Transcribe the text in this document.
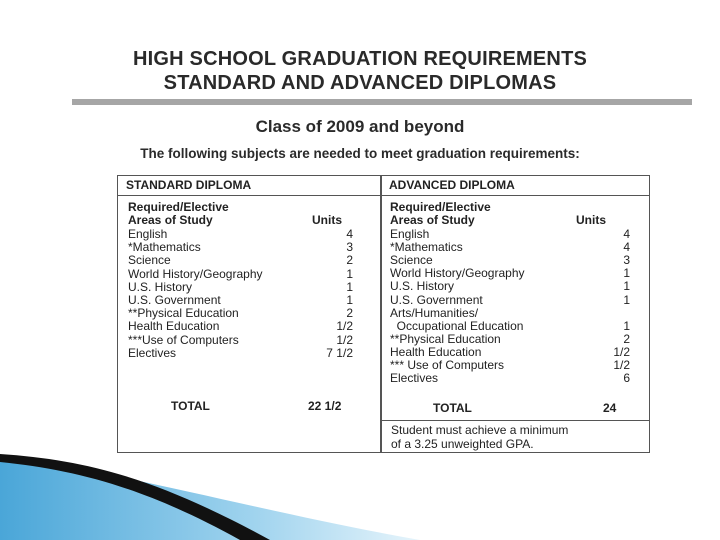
HIGH SCHOOL GRADUATION REQUIREMENTS
STANDARD AND ADVANCED DIPLOMAS
Class of 2009 and beyond
The following subjects are needed to meet graduation requirements:
STANDARD DIPLOMA
Required/Elective
Areas of Study	Units
English	4
*Mathematics	3
Science	2
World History/Geography	1
U.S. History	1
U.S. Government	1
**Physical Education	2
Health Education	1/2
***Use of Computers	1/2
Electives	7 1/2
TOTAL	22 1/2
ADVANCED DIPLOMA
Required/Elective
Areas of Study	Units
English	4
*Mathematics	4
Science	3
World History/Geography	1
U.S. History	1
U.S. Government	1
Arts/Humanities/
Occupational Education	1
**Physical Education	2
Health Education	1/2
*** Use of Computers	1/2
Electives	6
TOTAL	24
Student must achieve a minimum
of a 3.25 unweighted GPA.
